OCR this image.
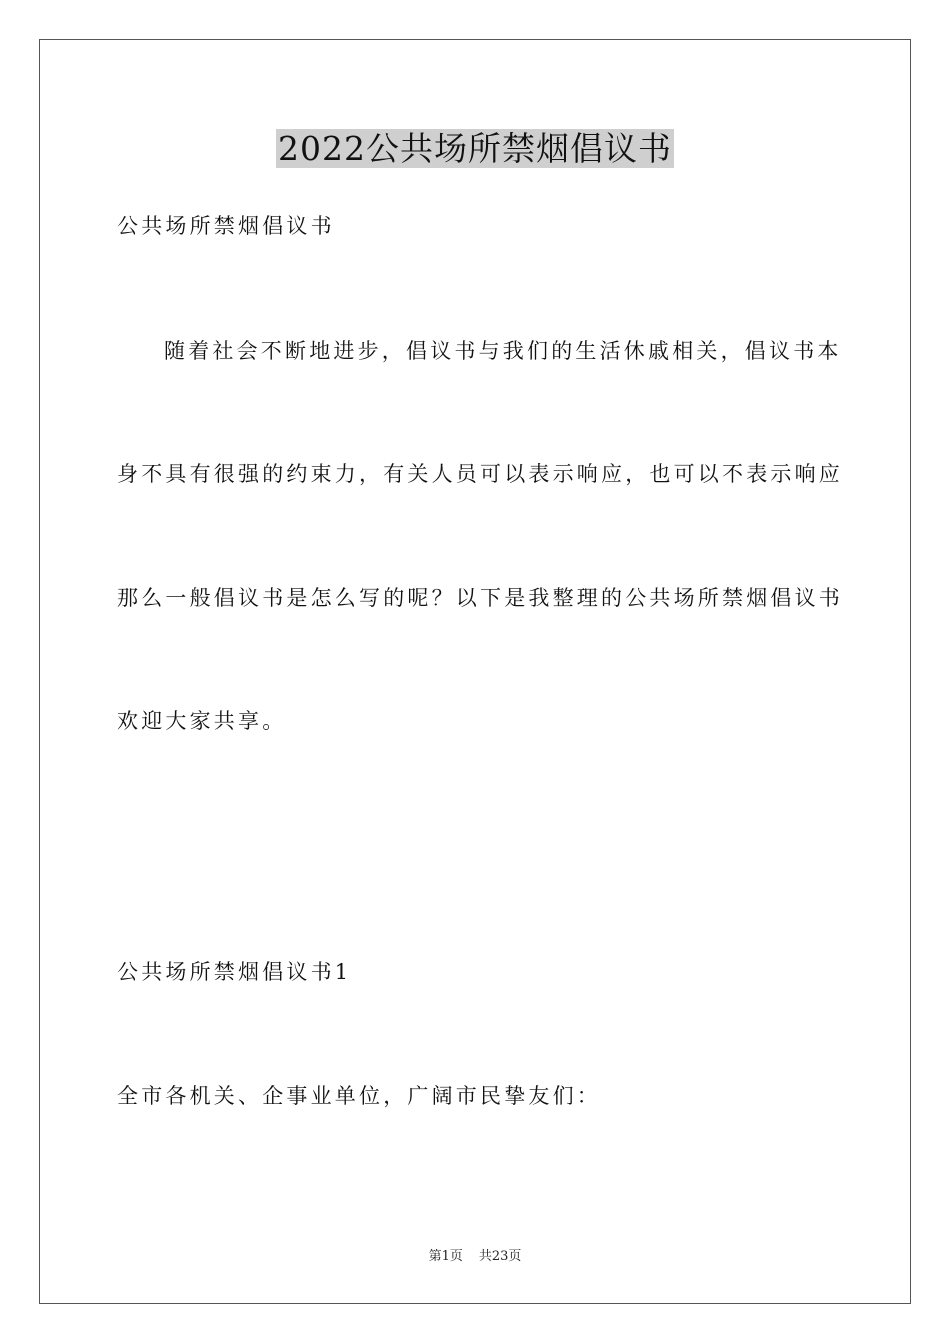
2022公共场所禁烟倡议书
公共场所禁烟倡议书
随着社会不断地进步，倡议书与我们的生活休戚相关，倡议书本
身不具有很强的约束力，有关人员可以表示响应，也可以不表示响应
那么一般倡议书是怎么写的呢？以下是我整理的公共场所禁烟倡议书
欢迎大家共享。
公共场所禁烟倡议书1
全市各机关、企事业单位，广阔市民挚友们：
第1页 共23页
